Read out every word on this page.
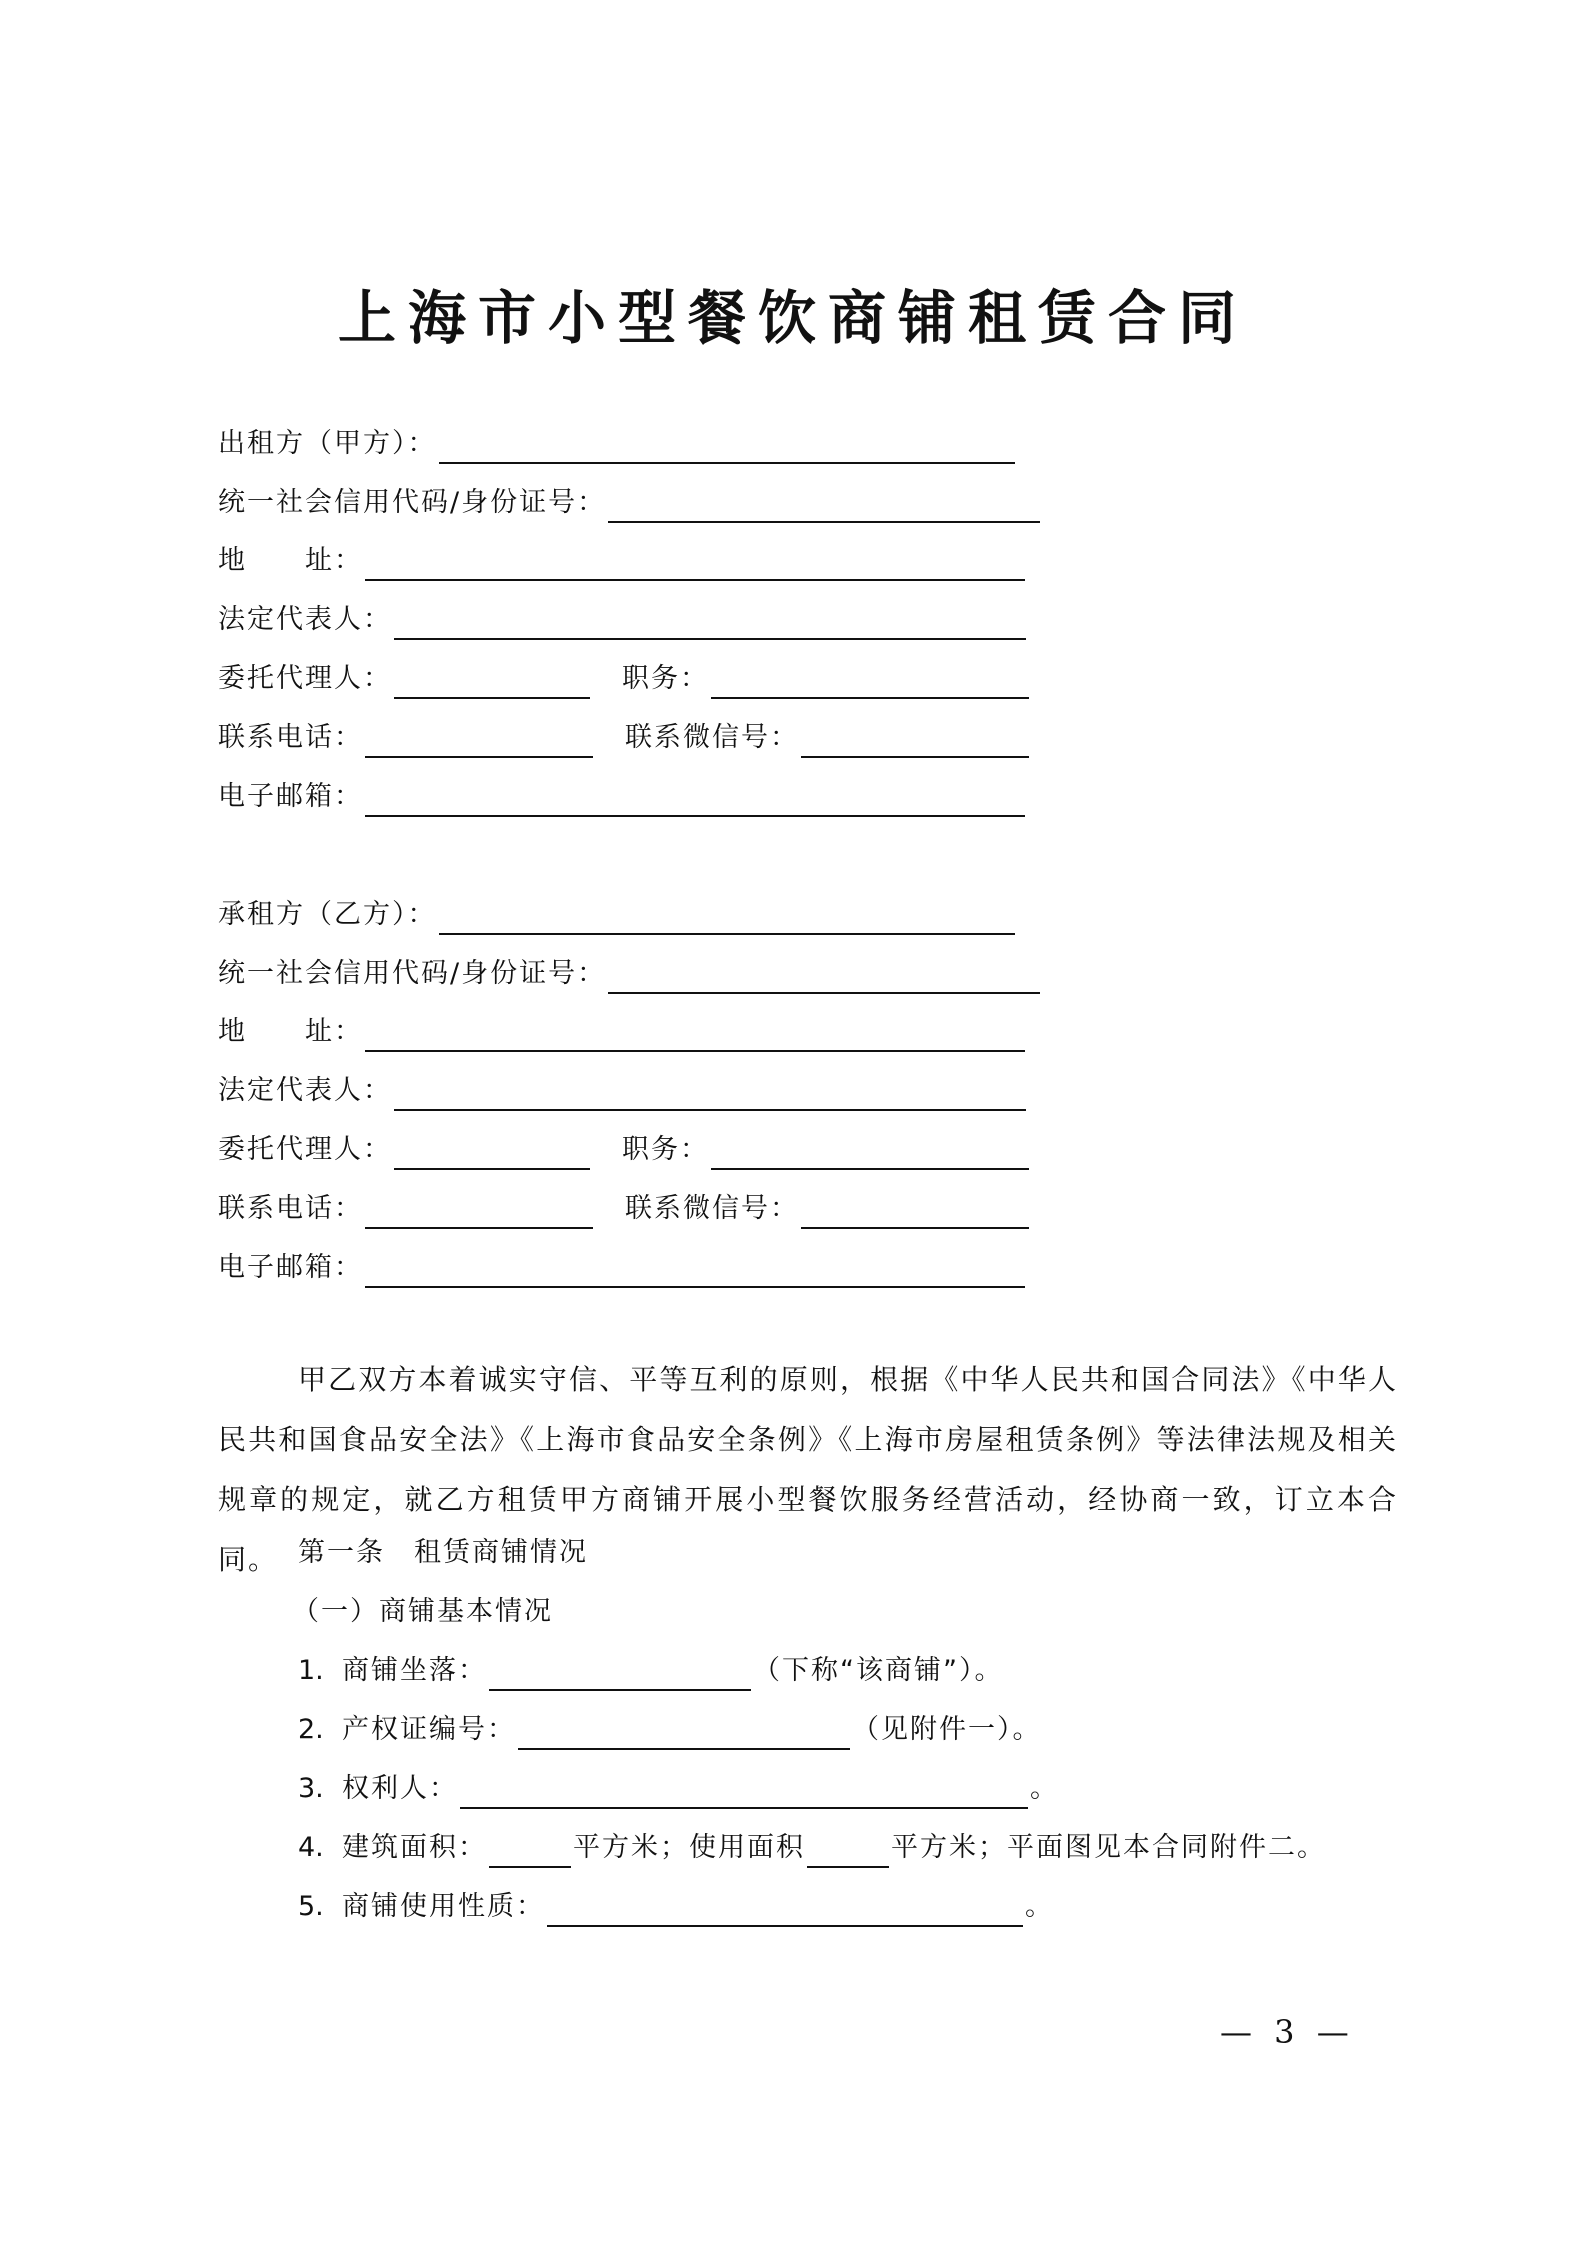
上海市小型餐饮商铺租赁合同
出租方（甲方）：
统一社会信用代码/身份证号：
地　　址：
法定代表人：
委托代理人：	职务：
联系电话：	联系微信号：
电子邮箱：
承租方（乙方）：
统一社会信用代码/身份证号：
地　　址：
法定代表人：
委托代理人：	职务：
联系电话：	联系微信号：
电子邮箱：
甲乙双方本着诚实守信、平等互利的原则，根据《中华人民共和国合同法》《中华人民共和国食品安全法》《上海市食品安全条例》《上海市房屋租赁条例》等法律法规及相关规章的规定，就乙方租赁甲方商铺开展小型餐饮服务经营活动，经协商一致，订立本合同。 第一条　租赁商铺情况
（一）商铺基本情况
1. 商铺坐落：	（下称“该商铺”）。
2. 产权证编号：	（见附件一）。
3. 权利人：	。
4. 建筑面积：	平方米；使用面积	平方米；平面图见本合同附件二。
5. 商铺使用性质：	。
— 3 —
